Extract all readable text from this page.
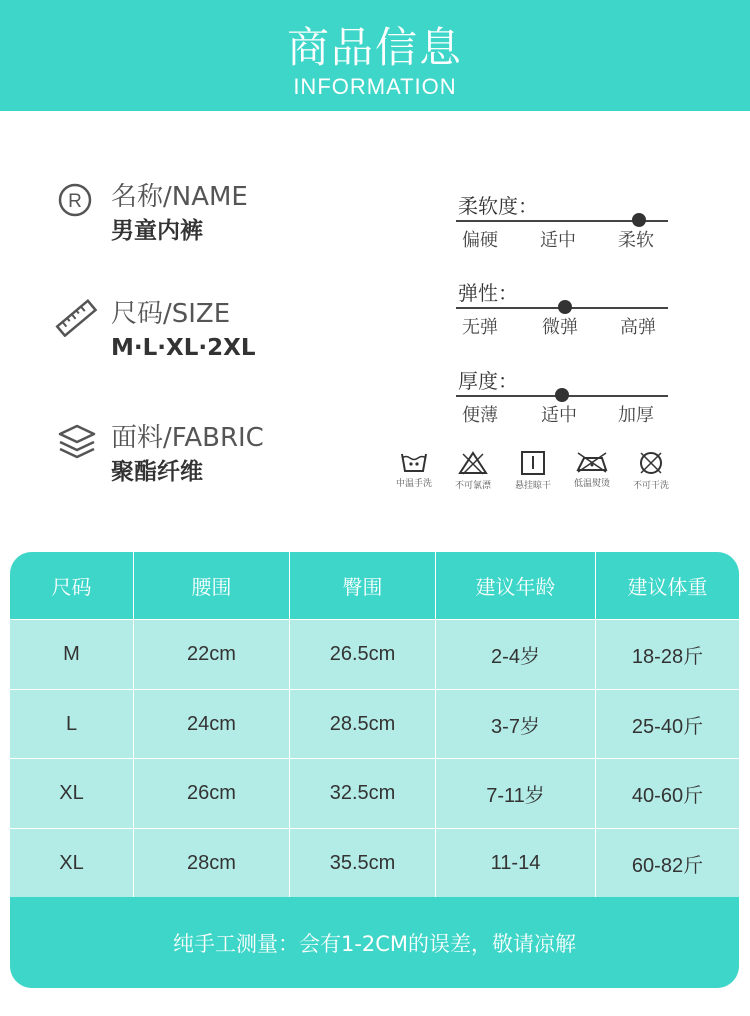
商品信息
INFORMATION
R 名称/NAME
男童内裤
尺码/SIZE
M·L·XL·2XL
面料/FABRIC
聚酯纤维
柔软度：
偏硬 适中 柔软
弹性：
无弹 微弹 高弹
厚度：
便薄 适中 加厚
中温手洗	不可氯漂	悬挂晾干	低温熨烫	不可干洗
尺码	腰围	臀围	建议年龄	建议体重
M	22cm	26.5cm	2-4岁	18-28斤
L	24cm	28.5cm	3-7岁	25-40斤
XL	26cm	32.5cm	7-11岁	40-60斤
XL	28cm	35.5cm	11-14	60-82斤
纯手工测量：会有1-2CM的误差，敬请凉解
